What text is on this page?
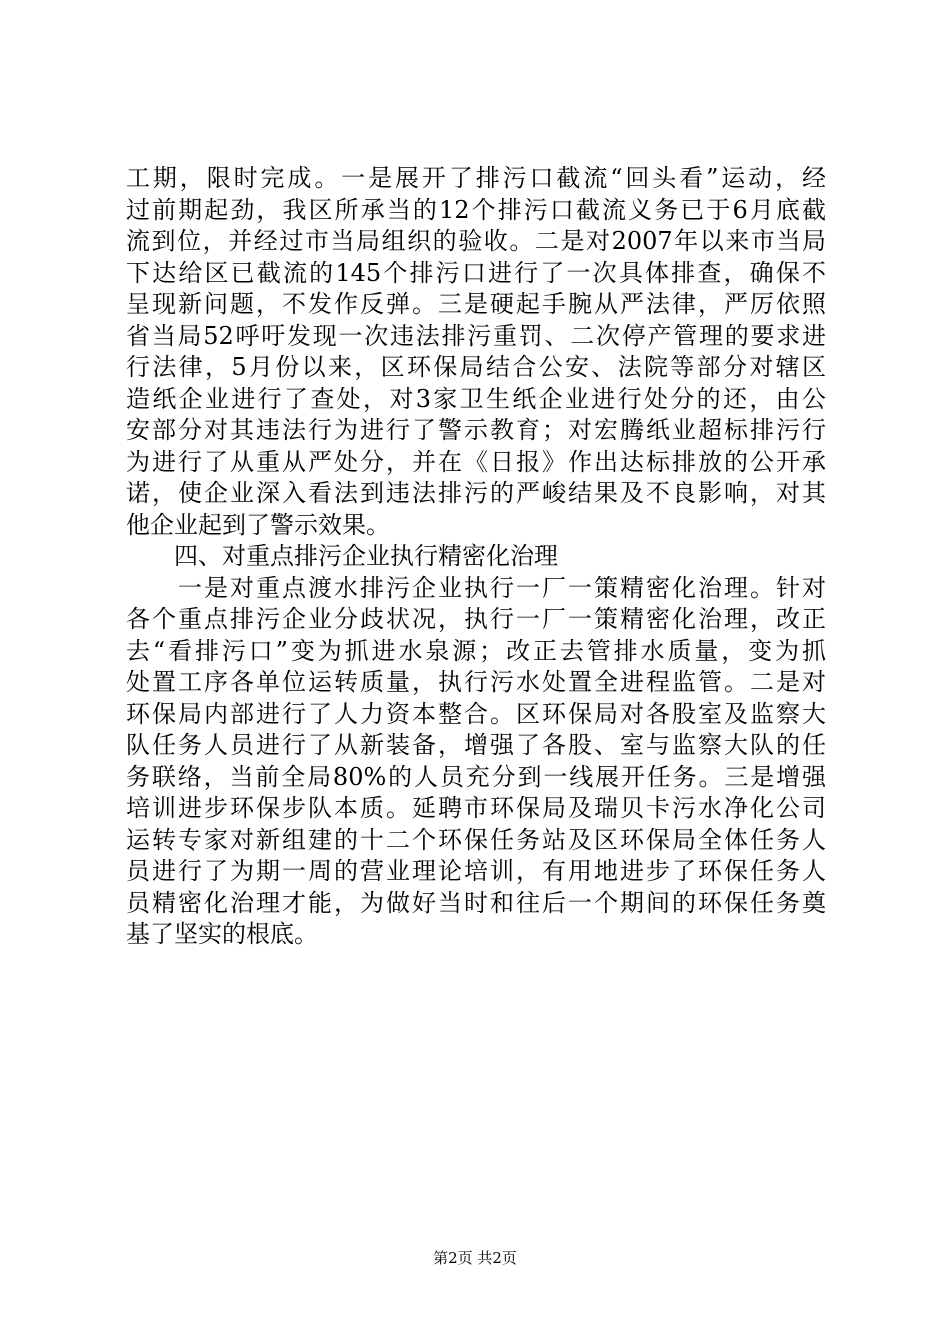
工期，限时完成。一是展开了排污口截流“回头看”运动，经
过前期起劲，我区所承当的12个排污口截流义务已于6月底截
流到位，并经过市当局组织的验收。二是对2007年以来市当局
下达给区已截流的145个排污口进行了一次具体排查，确保不
呈现新问题，不发作反弹。三是硬起手腕从严法律，严厉依照
省当局52呼吁发现一次违法排污重罚、二次停产管理的要求进
行法律，5月份以来，区环保局结合公安、法院等部分对辖区
造纸企业进行了查处，对3家卫生纸企业进行处分的还，由公
安部分对其违法行为进行了警示教育；对宏腾纸业超标排污行
为进行了从重从严处分，并在《日报》作出达标排放的公开承
诺，使企业深入看法到违法排污的严峻结果及不良影响，对其
他企业起到了警示效果。
　　四、对重点排污企业执行精密化治理
　　一是对重点渡水排污企业执行一厂一策精密化治理。针对
各个重点排污企业分歧状况，执行一厂一策精密化治理，改正
去“看排污口”变为抓进水泉源；改正去管排水质量，变为抓
处置工序各单位运转质量，执行污水处置全进程监管。二是对
环保局内部进行了人力资本整合。区环保局对各股室及监察大
队任务人员进行了从新装备，增强了各股、室与监察大队的任
务联络，当前全局80%的人员充分到一线展开任务。三是增强
培训进步环保步队本质。延聘市环保局及瑞贝卡污水净化公司
运转专家对新组建的十二个环保任务站及区环保局全体任务人
员进行了为期一周的营业理论培训，有用地进步了环保任务人
员精密化治理才能，为做好当时和往后一个期间的环保任务奠
基了坚实的根底。
第2页 共2页
